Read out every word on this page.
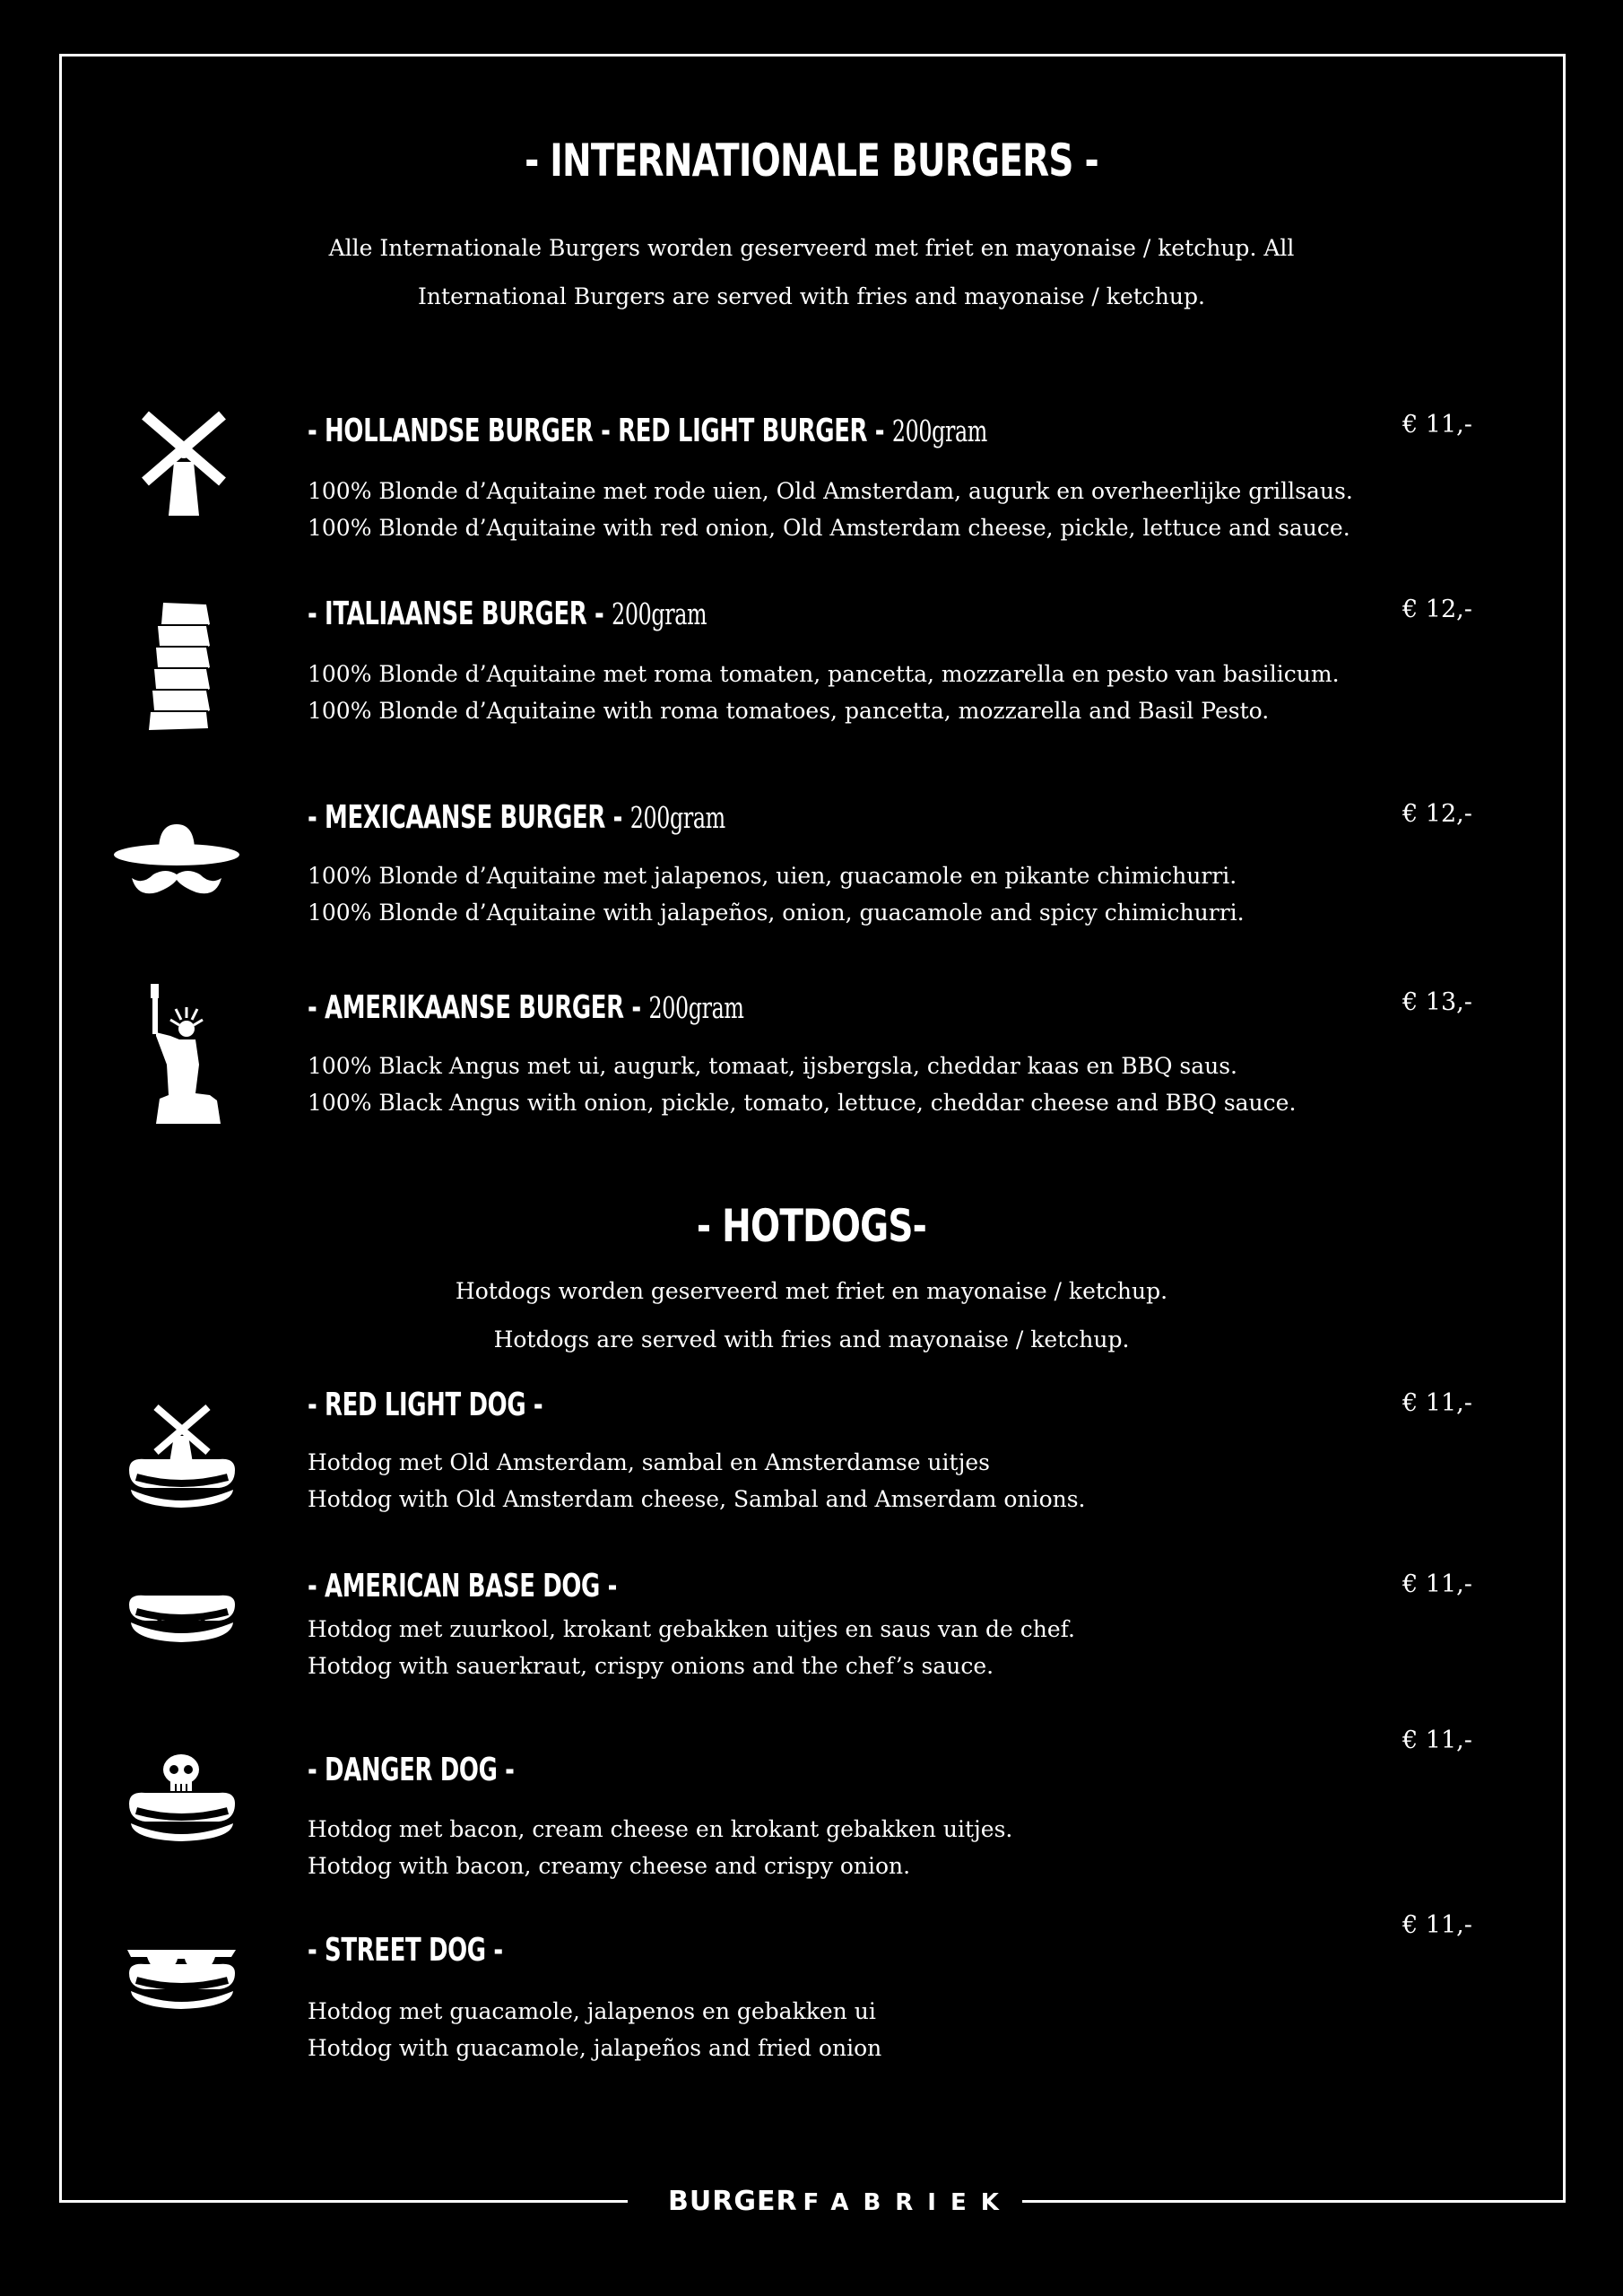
- INTERNATIONALE BURGERS -
Alle Internationale Burgers worden geserveerd met friet en mayonaise / ketchup. All
International Burgers are served with fries and mayonaise / ketchup.
- HOLLANDSE BURGER - RED LIGHT BURGER - 200gram	€ 11,-
100% Blonde d’Aquitaine met rode uien, Old Amsterdam, augurk en overheerlijke grillsaus.
100% Blonde d’Aquitaine with red onion, Old Amsterdam cheese, pickle, lettuce and sauce.
- ITALIAANSE BURGER - 200gram	€ 12,-
100% Blonde d’Aquitaine met roma tomaten, pancetta, mozzarella en pesto van basilicum.
100% Blonde d’Aquitaine with roma tomatoes, pancetta, mozzarella and Basil Pesto.
- MEXICAANSE BURGER - 200gram	€ 12,-
100% Blonde d’Aquitaine met jalapenos, uien, guacamole en pikante chimichurri.
100% Blonde d’Aquitaine with jalapeños, onion, guacamole and spicy chimichurri.
- AMERIKAANSE BURGER - 200gram	€ 13,-
100% Black Angus met ui, augurk, tomaat, ijsbergsla, cheddar kaas en BBQ saus.
100% Black Angus with onion, pickle, tomato, lettuce, cheddar cheese and BBQ sauce.
- HOTDOGS-
Hotdogs worden geserveerd met friet en mayonaise / ketchup.
Hotdogs are served with fries and mayonaise / ketchup.
- RED LIGHT DOG -	€ 11,-
Hotdog met Old Amsterdam, sambal en Amsterdamse uitjes
Hotdog with Old Amsterdam cheese, Sambal and Amserdam onions.
- AMERICAN BASE DOG -	€ 11,-
Hotdog met zuurkool, krokant gebakken uitjes en saus van de chef.
Hotdog with sauerkraut, crispy onions and the chef’s sauce.
- DANGER DOG -
€ 11,-
Hotdog met bacon, cream cheese en krokant gebakken uitjes.
Hotdog with bacon, creamy cheese and crispy onion.
- STREET DOG -
€ 11,-
Hotdog met guacamole, jalapenos en gebakken ui
Hotdog with guacamole, jalapeños and fried onion
BURGER FABRIEK
